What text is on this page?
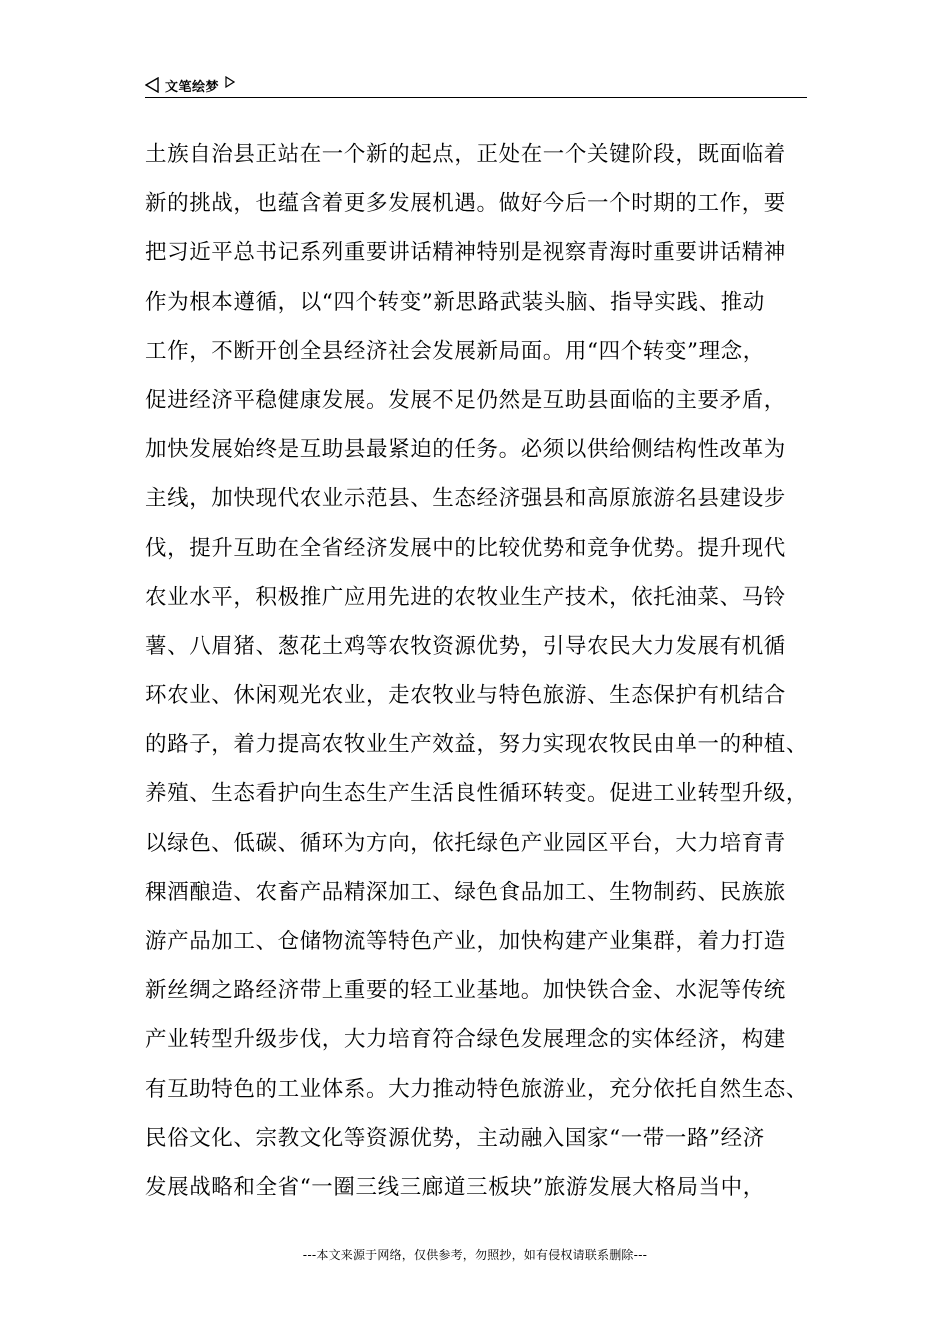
文笔绘梦
土族自治县正站在一个新的起点，正处在一个关键阶段，既面临着
新的挑战，也蕴含着更多发展机遇。做好今后一个时期的工作，要
把习近平总书记系列重要讲话精神特别是视察青海时重要讲话精神
作为根本遵循，以“四个转变”新思路武装头脑、指导实践、推动
工作，不断开创全县经济社会发展新局面。用“四个转变”理念，
促进经济平稳健康发展。发展不足仍然是互助县面临的主要矛盾，
加快发展始终是互助县最紧迫的任务。必须以供给侧结构性改革为
主线，加快现代农业示范县、生态经济强县和高原旅游名县建设步
伐，提升互助在全省经济发展中的比较优势和竞争优势。提升现代
农业水平，积极推广应用先进的农牧业生产技术，依托油菜、马铃
薯、八眉猪、葱花土鸡等农牧资源优势，引导农民大力发展有机循
环农业、休闲观光农业，走农牧业与特色旅游、生态保护有机结合
的路子，着力提高农牧业生产效益，努力实现农牧民由单一的种植、
养殖、生态看护向生态生产生活良性循环转变。促进工业转型升级，
以绿色、低碳、循环为方向，依托绿色产业园区平台，大力培育青
稞酒酿造、农畜产品精深加工、绿色食品加工、生物制药、民族旅
游产品加工、仓储物流等特色产业，加快构建产业集群，着力打造
新丝绸之路经济带上重要的轻工业基地。加快铁合金、水泥等传统
产业转型升级步伐，大力培育符合绿色发展理念的实体经济，构建
有互助特色的工业体系。大力推动特色旅游业，充分依托自然生态、
民俗文化、宗教文化等资源优势，主动融入国家“一带一路”经济
发展战略和全省“一圈三线三廊道三板块”旅游发展大格局当中，
---本文来源于网络，仅供参考，勿照抄，如有侵权请联系删除---
